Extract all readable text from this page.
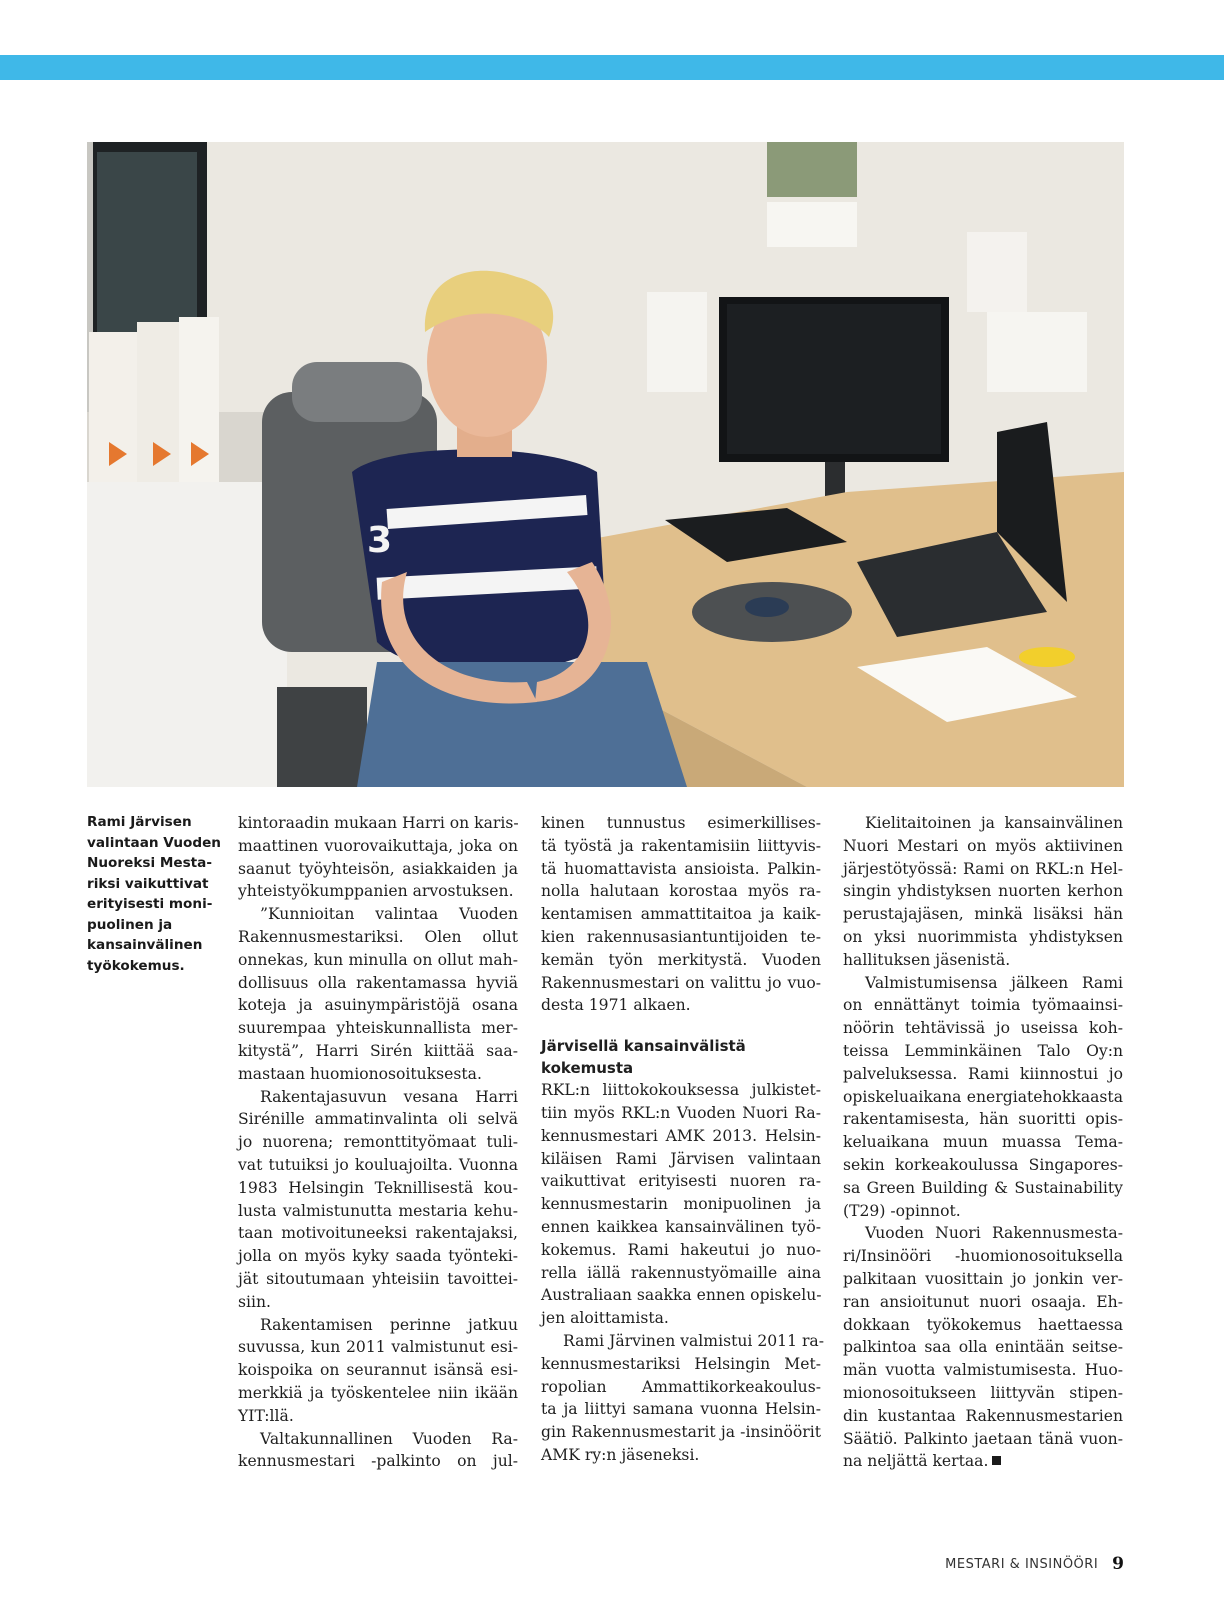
3
Rami Järvisen
valintaan Vuoden
Nuoreksi Mesta-
riksi vaikuttivat
erityisesti moni-
puolinen ja
kansainvälinen
työkokemus.
kintoraadin mukaan Harri on karis-
maattinen vuorovaikuttaja, joka on
saanut työyhteisön, asiakkaiden ja
yhteistyökumppanien arvostuksen.
”Kunnioitan valintaa Vuoden
Rakennusmestariksi. Olen ollut
onnekas, kun minulla on ollut mah-
dollisuus olla rakentamassa hyviä
koteja ja asuinympäristöjä osana
suurempaa yhteiskunnallista mer-
kitystä”, Harri Sirén kiittää saa-
mastaan huomionosoituksesta.
Rakentajasuvun vesana Harri
Sirénille ammatinvalinta oli selvä
jo nuorena; remonttityömaat tuli-
vat tutuiksi jo kouluajoilta. Vuonna
1983 Helsingin Teknillisestä kou-
lusta valmistunutta mestaria kehu-
taan motivoituneeksi rakentajaksi,
jolla on myös kyky saada työnteki-
jät sitoutumaan yhteisiin tavoittei-
siin.
Rakentamisen perinne jatkuu
suvussa, kun 2011 valmistunut esi-
koispoika on seurannut isänsä esi-
merkkiä ja työskentelee niin ikään
YIT:llä.
Valtakunnallinen Vuoden Ra-
kennusmestari -palkinto on jul-
kinen tunnustus esimerkillises-
tä työstä ja rakentamisiin liittyvis-
tä huomattavista ansioista. Palkin-
nolla halutaan korostaa myös ra-
kentamisen ammattitaitoa ja kaik-
kien rakennusasiantuntijoiden te-
kemän työn merkitystä. Vuoden
Rakennusmestari on valittu jo vuo-
desta 1971 alkaen.
Järvisellä kansainvälistä
kokemusta
RKL:n liittokokouksessa julkistet-
tiin myös RKL:n Vuoden Nuori Ra-
kennusmestari AMK 2013. Helsin-
kiläisen Rami Järvisen valintaan
vaikuttivat erityisesti nuoren ra-
kennusmestarin monipuolinen ja
ennen kaikkea kansainvälinen työ-
kokemus. Rami hakeutui jo nuo-
rella iällä rakennustyömaille aina
Australiaan saakka ennen opiskelu-
jen aloittamista.
Rami Järvinen valmistui 2011 ra-
kennusmestariksi Helsingin Met-
ropolian Ammattikorkeakoulus-
ta ja liittyi samana vuonna Helsin-
gin Rakennusmestarit ja -insinöörit
AMK ry:n jäseneksi.
Kielitaitoinen ja kansainvälinen
Nuori Mestari on myös aktiivinen
järjestötyössä: Rami on RKL:n Hel-
singin yhdistyksen nuorten kerhon
perustajajäsen, minkä lisäksi hän
on yksi nuorimmista yhdistyksen
hallituksen jäsenistä.
Valmistumisensa jälkeen Rami
on ennättänyt toimia työmaainsi-
nöörin tehtävissä jo useissa koh-
teissa Lemminkäinen Talo Oy:n
palveluksessa. Rami kiinnostui jo
opiskeluaikana energiatehokkaasta
rakentamisesta, hän suoritti opis-
keluaikana muun muassa Tema-
sekin korkeakoulussa Singapores-
sa Green Building & Sustainability
(T29) -opinnot.
Vuoden Nuori Rakennusmesta-
ri/Insinööri -huomionosoituksella
palkitaan vuosittain jo jonkin ver-
ran ansioitunut nuori osaaja. Eh-
dokkaan työkokemus haettaessa
palkintoa saa olla enintään seitse-
män vuotta valmistumisesta. Huo-
mionosoitukseen liittyvän stipen-
din kustantaa Rakennusmestarien
Säätiö. Palkinto jaetaan tänä vuon-
na neljättä kertaa.
MESTARI & INSINÖÖRI 9
